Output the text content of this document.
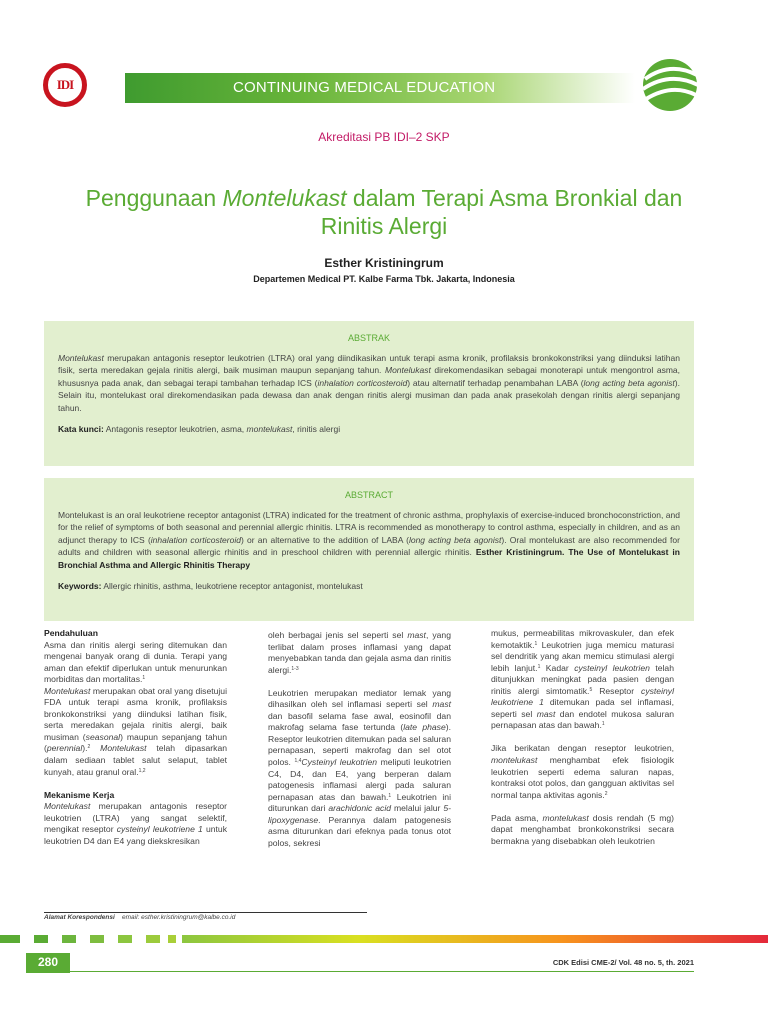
IDI	CONTINUING MEDICAL EDUCATION
Akreditasi PB IDI–2 SKP
Penggunaan Montelukast dalam Terapi Asma Bronkial dan Rinitis Alergi
Esther Kristiningrum
Departemen Medical PT. Kalbe Farma Tbk. Jakarta, Indonesia
ABSTRAK

Montelukast merupakan antagonis reseptor leukotrien (LTRA) oral yang diindikasikan untuk terapi asma kronik, profilaksis bronkokonstriksi yang diinduksi latihan fisik, serta meredakan gejala rinitis alergi, baik musiman maupun sepanjang tahun. Montelukast direkomendasikan sebagai monoterapi untuk mengontrol asma, khususnya pada anak, dan sebagai terapi tambahan terhadap ICS (inhalation corticosteroid) atau alternatif terhadap penambahan LABA (long acting beta agonist). Selain itu, montelukast oral direkomendasikan pada dewasa dan anak dengan rinitis alergi musiman dan pada anak prasekolah dengan rinitis alergi sepanjang tahun.

Kata kunci: Antagonis reseptor leukotrien, asma, montelukast, rinitis alergi

ABSTRACT

Montelukast is an oral leukotriene receptor antagonist (LTRA) indicated for the treatment of chronic asthma, prophylaxis of exercise-induced bronchoconstriction, and for the relief of symptoms of both seasonal and perennial allergic rhinitis. LTRA is recommended as monotherapy to control asthma, especially in children, and as an adjunct therapy to ICS (inhalation corticosteroid) or an alternative to the addition of LABA (long acting beta agonist). Oral montelukast are also recommended for adults and children with seasonal allergic rhinitis and in preschool children with perennial allergic rhinitis. Esther Kristiningrum. The Use of Montelukast in Bronchial Asthma and Allergic Rhinitis Therapy

Keywords: Allergic rhinitis, asthma, leukotriene receptor antagonist, montelukast

Pendahuluan

Asma dan rinitis alergi sering ditemukan dan mengenai banyak orang di dunia. Terapi yang aman dan efektif diperlukan untuk menurunkan morbiditas dan mortalitas.$^1$
Montelukast merupakan obat oral yang disetujui FDA untuk terapi asma kronik, profilaksis bronkokonstriksi yang diinduksi latihan fisik, serta meredakan gejala rinitis alergi, baik musiman (seasonal) maupun sepanjang tahun (perennial).$^2$ Montelukast telah dipasarkan dalam sediaan tablet salut selaput, tablet kunyah, atau granul oral.$^{1,2}$

Mekanisme Kerja

Montelukast merupakan antagonis reseptor leukotrien (LTRA) yang sangat selektif, mengikat reseptor cysteinyl leukotriene 1 untuk leukotrien D4 dan E4 yang diekskresikan

oleh berbagai jenis sel seperti sel mast, yang terlibat dalam proses inflamasi yang dapat menyebabkan tanda dan gejala asma dan rinitis alergi.$^{1-3}$

Leukotrien merupakan mediator lemak yang dihasilkan oleh sel inflamasi seperti sel mast dan basofil selama fase awal, eosinofil dan makrofag selama fase tertunda (late phase). Reseptor leukotrien ditemukan pada sel saluran pernapasan, seperti makrofag dan sel otot polos. $^{1,4}$Cysteinyl leukotrien meliputi leukotrien C4, D4, dan E4, yang berperan dalam patogenesis inflamasi alergi pada saluran pernapasan atas dan bawah.$^1$ Leukotrien ini diturunkan dari arachidonic acid melalui jalur 5-lipoxygenase. Perannya dalam patogenesis asma diturunkan dari efeknya pada tonus otot polos, sekresi

mukus, permeabilitas mikrovaskuler, dan efek kemotaktik.$^1$ Leukotrien juga memicu maturasi sel dendritik yang akan memicu stimulasi alergi lebih lanjut.$^1$ Kadar cysteinyl leukotrien telah ditunjukkan meningkat pada pasien dengan rinitis alergi simtomatik.$^5$ Reseptor cysteinyl leukotriene 1 ditemukan pada sel inflamasi, seperti sel mast dan endotel mukosa saluran pernapasan atas dan bawah.$^1$

Jika berikatan dengan reseptor leukotrien, montelukast menghambat efek fisiologik leukotrien seperti edema saluran napas, kontraksi otot polos, dan gangguan aktivitas sel normal tanpa aktivitas agonis.$^2$

Pada asma, montelukast dosis rendah (5 mg) dapat menghambat bronkokonstriksi secara bermakna yang disebabkan oleh leukotrien

Alamat Korespondensi email: esther.kristiningrum@kalbe.co.id
280	CDK Edisi CME-2/ Vol. 48 no. 5, th. 2021
